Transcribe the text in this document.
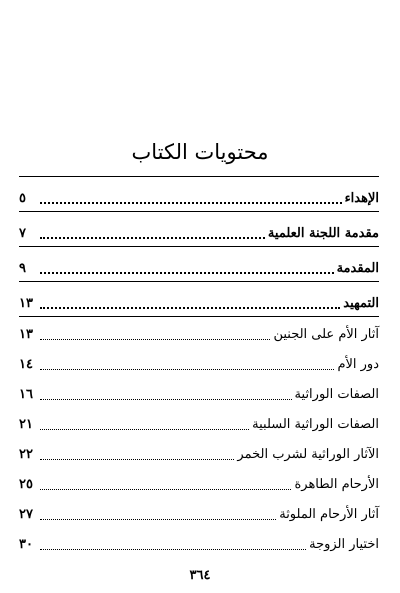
محتويات الكتاب
الإهداء
٥
مقدمة اللجنة العلمية
٧
المقدمة
٩
التمهيد
١٣
آثار الأم على الجنين
١٣
دور الأم
١٤
الصفات الوراثية
١٦
الصفات الوراثية السلبية
٢١
الآثار الوراثية لشرب الخمر
٢٢
الأرحام الطاهرة
٢٥
آثار الأرحام الملوثة
٢٧
اختيار الزوجة
٣٠
٣٦٤
